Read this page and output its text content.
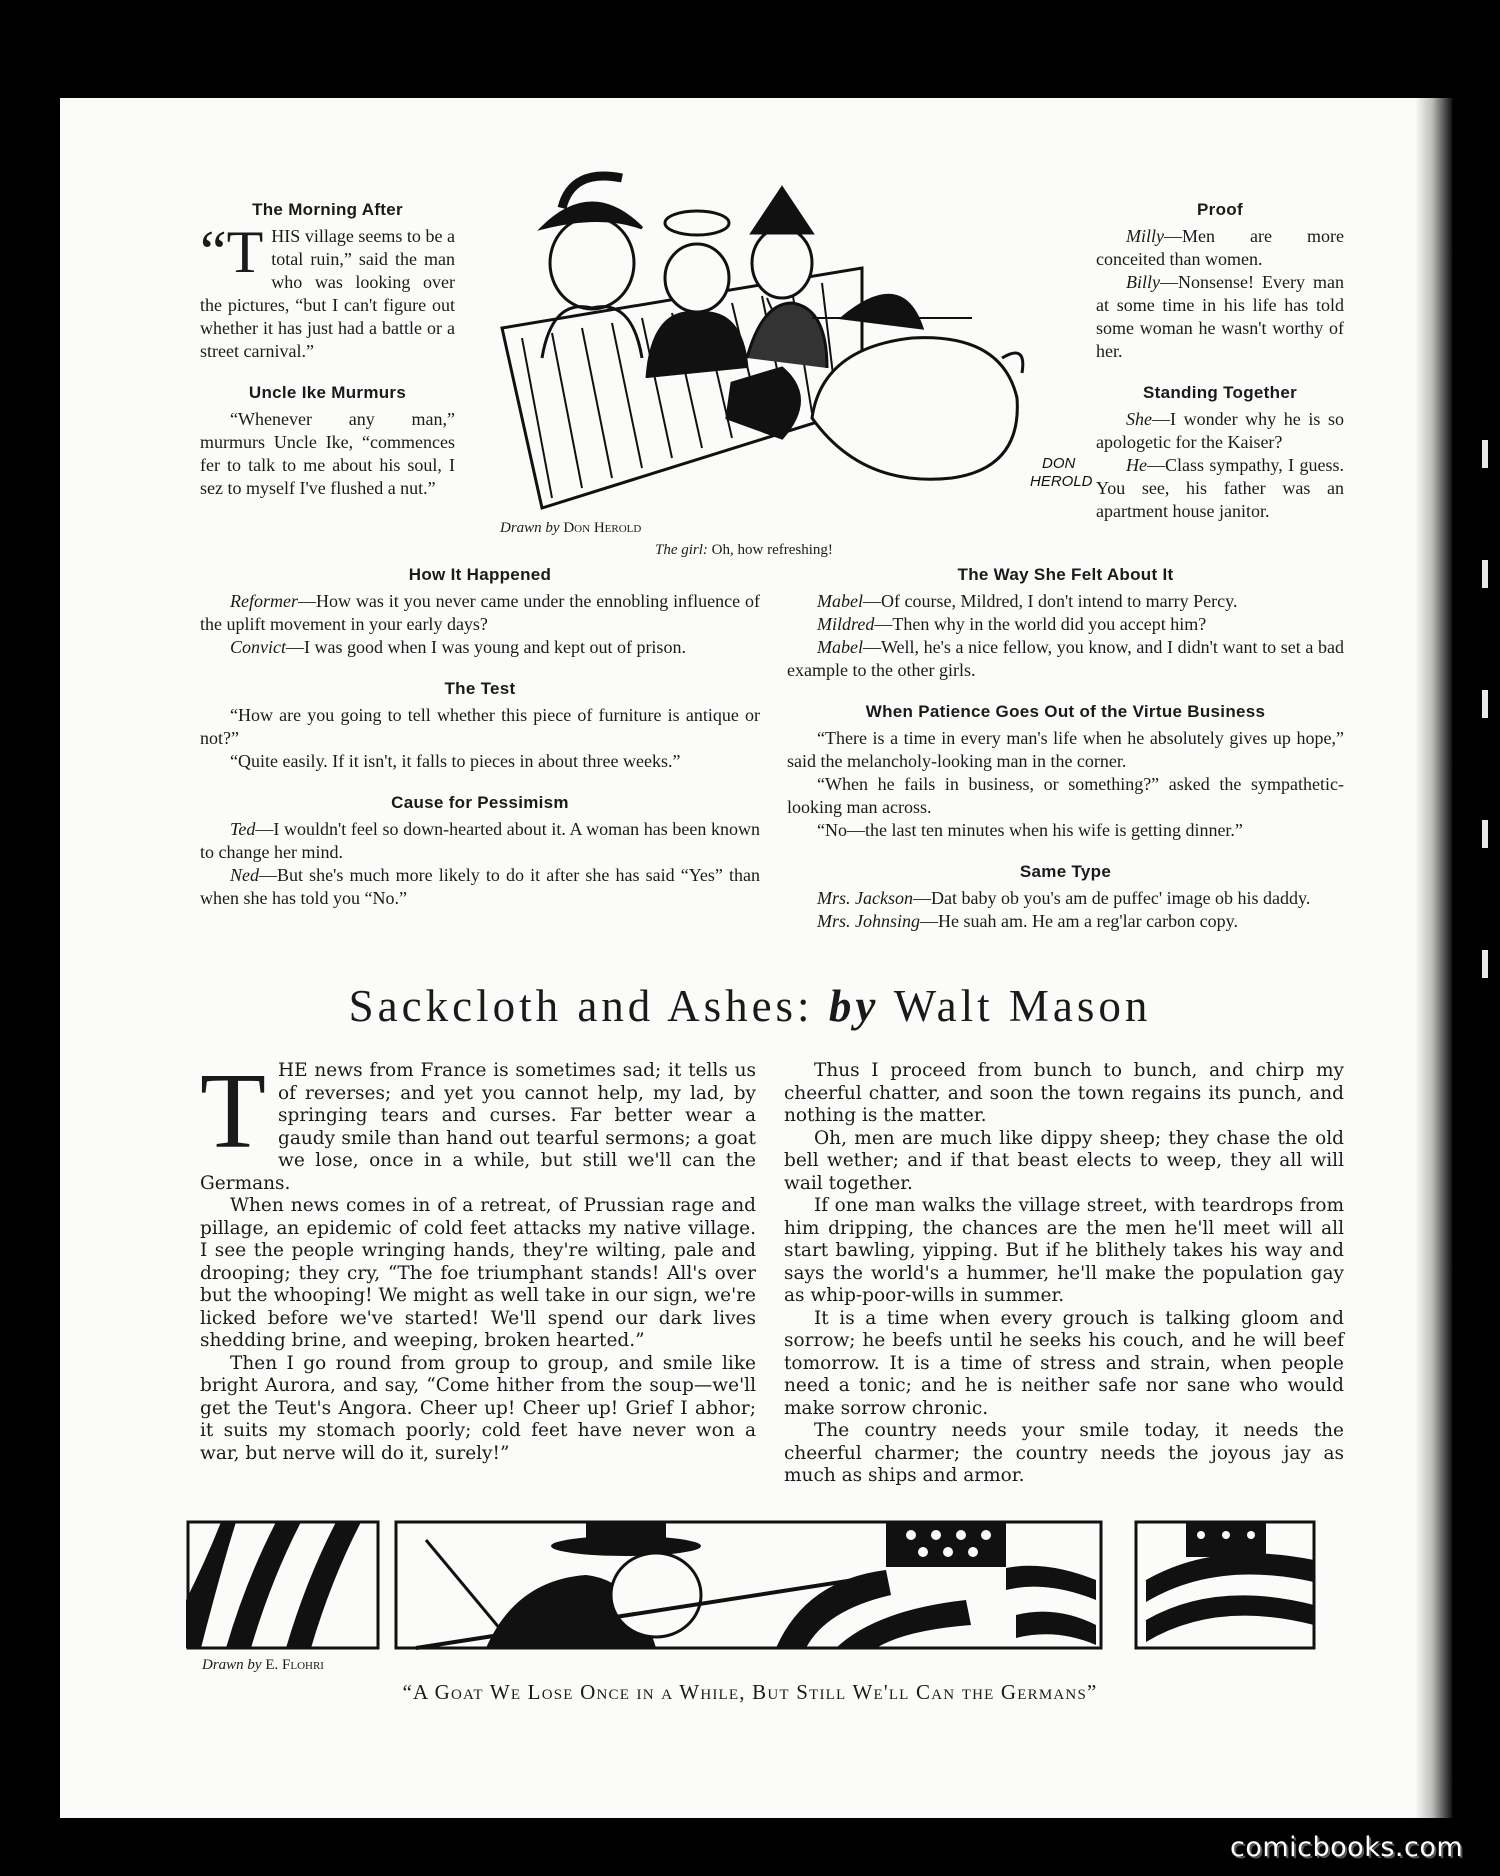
The Morning After

“T HIS village seems to be a total ruin,” said the man who was looking over the pictures, “but I can't figure out whether it has just had a battle or a street carnival.”

Uncle Ike Murmurs

“Whenever any man,” murmurs Uncle Ike, “commences fer to talk to me about his soul, I sez to myself I've flushed a nut.”

DON
HEROLD
Drawn by Don Herold
The girl: Oh, how refreshing!
Proof

Milly—Men are more conceited than women.

Billy—Nonsense! Every man at some time in his life has told some woman he wasn't worthy of her.

Standing Together

She—I wonder why he is so apologetic for the Kaiser?

He—Class sympathy, I guess. You see, his father was an apartment house janitor.

How It Happened

Reformer—How was it you never came under the ennobling influence of the uplift movement in your early days?

Convict—I was good when I was young and kept out of prison.

The Test

“How are you going to tell whether this piece of furniture is antique or not?”

“Quite easily. If it isn't, it falls to pieces in about three weeks.”

Cause for Pessimism

Ted—I wouldn't feel so down-hearted about it. A woman has been known to change her mind.

Ned—But she's much more likely to do it after she has said “Yes” than when she has told you “No.”

The Way She Felt About It

Mabel—Of course, Mildred, I don't intend to marry Percy.

Mildred—Then why in the world did you accept him?

Mabel—Well, he's a nice fellow, you know, and I didn't want to set a bad example to the other girls.

When Patience Goes Out of the Virtue Business

“There is a time in every man's life when he absolutely gives up hope,” said the melancholy-looking man in the corner.

“When he fails in business, or something?” asked the sympathetic-looking man across.

“No—the last ten minutes when his wife is getting dinner.”

Same Type

Mrs. Jackson—Dat baby ob you's am de puffec' image ob his daddy.

Mrs. Johnsing—He suah am. He am a reg'lar carbon copy.

Sackcloth and Ashes: by Walt Mason

T HE news from France is sometimes sad; it tells us of reverses; and yet you cannot help, my lad, by springing tears and curses. Far better wear a gaudy smile than hand out tearful sermons; a goat we lose, once in a while, but still we'll can the Germans.

When news comes in of a retreat, of Prussian rage and pillage, an epidemic of cold feet attacks my native village. I see the people wringing hands, they're wilting, pale and drooping; they cry, “The foe triumphant stands! All's over but the whooping! We might as well take in our sign, we're licked before we've started! We'll spend our dark lives shedding brine, and weeping, broken hearted.”

Then I go round from group to group, and smile like bright Aurora, and say, “Come hither from the soup—we'll get the Teut's Angora. Cheer up! Cheer up! Grief I abhor; it suits my stomach poorly; cold feet have never won a war, but nerve will do it, surely!”

Thus I proceed from bunch to bunch, and chirp my cheerful chatter, and soon the town regains its punch, and nothing is the matter.

Oh, men are much like dippy sheep; they chase the old bell wether; and if that beast elects to weep, they all will wail together.

If one man walks the village street, with teardrops from him dripping, the chances are the men he'll meet will all start bawling, yipping. But if he blithely takes his way and says the world's a hummer, he'll make the population gay as whip-poor-wills in summer.

It is a time when every grouch is talking gloom and sorrow; he beefs until he seeks his couch, and he will beef tomorrow. It is a time of stress and strain, when people need a tonic; and he is neither safe nor sane who would make sorrow chronic.

The country needs your smile today, it needs the cheerful charmer; the country needs the joyous jay as much as ships and armor.

Drawn by E. Flohri
“A Goat We Lose Once in a While, But Still We'll Can the Germans”
comicbooks.com
